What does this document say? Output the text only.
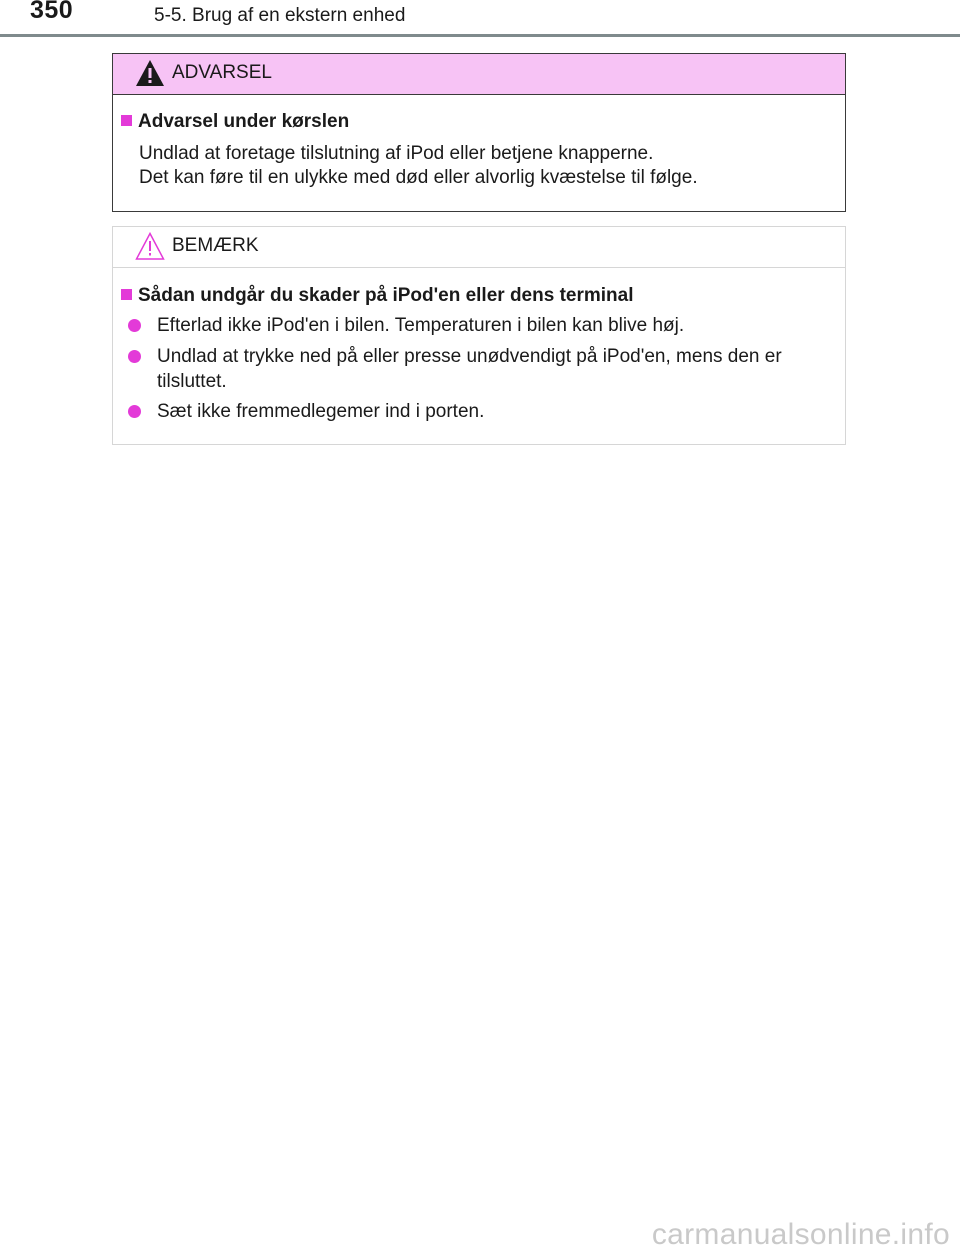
350	5-5. Brug af en ekstern enhed
ADVARSEL
Advarsel under kørslen
Undlad at foretage tilslutning af iPod eller betjene knapperne.
Det kan føre til en ulykke med død eller alvorlig kvæstelse til følge.
BEMÆRK
Sådan undgår du skader på iPod'en eller dens terminal
Efterlad ikke iPod'en i bilen. Temperaturen i bilen kan blive høj.
Undlad at trykke ned på eller presse unødvendigt på iPod'en, mens den er tilsluttet.
Sæt ikke fremmedlegemer ind i porten.
carmanualsonline.info
